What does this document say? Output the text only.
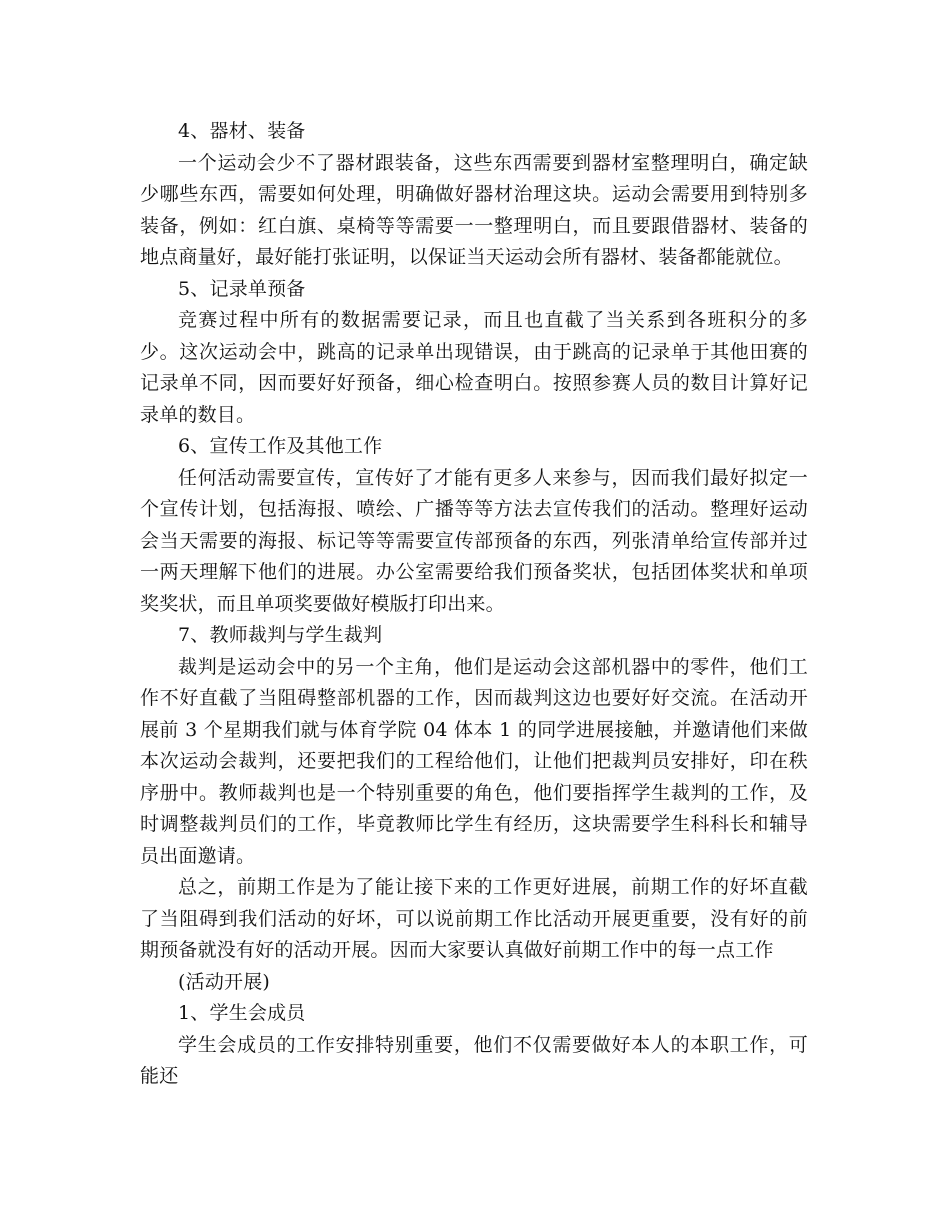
4、器材、装备

一个运动会少不了器材跟装备，这些东西需要到器材室整理明白，确定缺少哪些东西，需要如何处理，明确做好器材治理这块。运动会需要用到特别多装备，例如：红白旗、桌椅等等需要一一整理明白，而且要跟借器材、装备的地点商量好，最好能打张证明，以保证当天运动会所有器材、装备都能就位。

5、记录单预备

竞赛过程中所有的数据需要记录，而且也直截了当关系到各班积分的多少。这次运动会中，跳高的记录单出现错误，由于跳高的记录单于其他田赛的记录单不同，因而要好好预备，细心检查明白。按照参赛人员的数目计算好记录单的数目。

6、宣传工作及其他工作

任何活动需要宣传，宣传好了才能有更多人来参与，因而我们最好拟定一个宣传计划，包括海报、喷绘、广播等等方法去宣传我们的活动。整理好运动会当天需要的海报、标记等等需要宣传部预备的东西，列张清单给宣传部并过一两天理解下他们的进展。办公室需要给我们预备奖状，包括团体奖状和单项奖奖状，而且单项奖要做好模版打印出来。

7、教师裁判与学生裁判

裁判是运动会中的另一个主角，他们是运动会这部机器中的零件，他们工作不好直截了当阻碍整部机器的工作，因而裁判这边也要好好交流。在活动开展前 3 个星期我们就与体育学院 04 体本 1 的同学进展接触，并邀请他们来做本次运动会裁判，还要把我们的工程给他们，让他们把裁判员安排好，印在秩序册中。教师裁判也是一个特别重要的角色，他们要指挥学生裁判的工作，及时调整裁判员们的工作，毕竟教师比学生有经历，这块需要学生科科长和辅导员出面邀请。

总之，前期工作是为了能让接下来的工作更好进展，前期工作的好坏直截了当阻碍到我们活动的好坏，可以说前期工作比活动开展更重要，没有好的前期预备就没有好的活动开展。因而大家要认真做好前期工作中的每一点工作

(活动开展)

1、学生会成员

学生会成员的工作安排特别重要，他们不仅需要做好本人的本职工作，可能还
